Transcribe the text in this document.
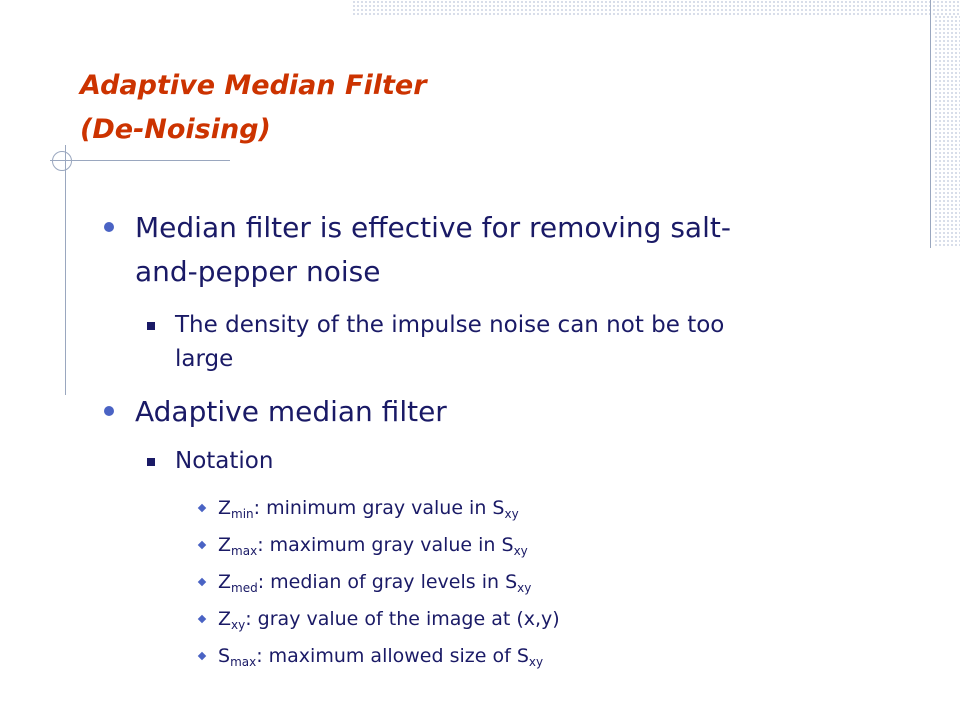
Adaptive Median Filter
(De-Noising)
Median filter is effective for removing salt-
and-pepper noise
The density of the impulse noise can not be too
large
Adaptive median filter
Notation
$Z_{min}$: minimum gray value in $S_{xy}$
$Z_{max}$: maximum gray value in $S_{xy}$
$Z_{med}$: median of gray levels in $S_{xy}$
$Z_{xy}$: gray value of the image at (x,y)
$S_{max}$: maximum allowed size of $S_{xy}$
